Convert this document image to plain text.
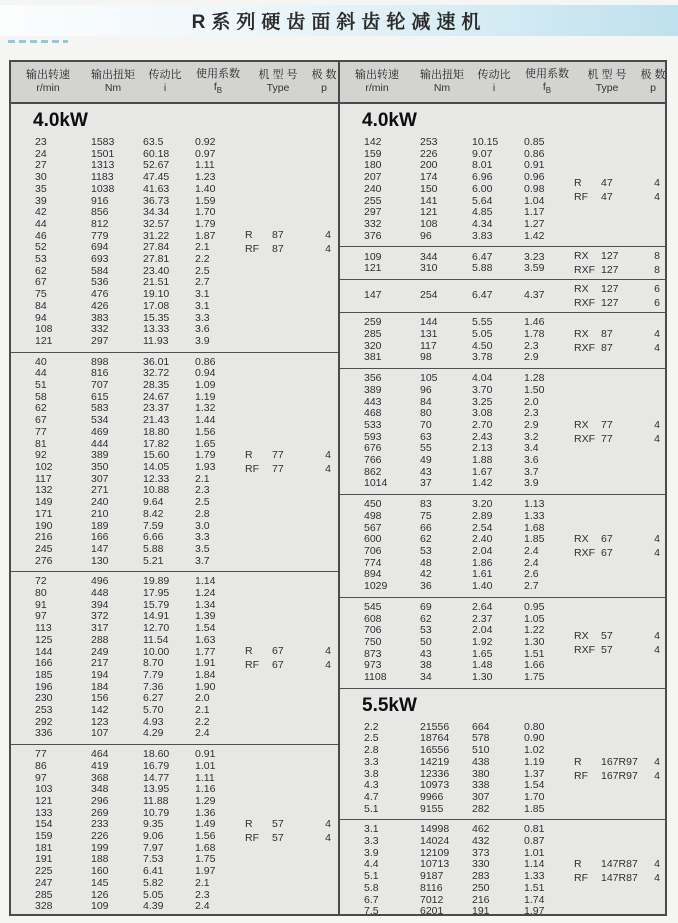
R系列硬齿面斜齿轮减速机
输出转速
r/min
输出扭矩
Nm
传动比
i
使用系数
$f_B$
机 型 号
Type
极 数
p
输出转速
r/min
输出扭矩
Nm
传动比
i
使用系数
$f_B$
机 型 号
Type
极 数
p
4.0kW
23	1583	63.5	0.92
24	1501	60.18	0.97
27	1313	52.67	1.11
30	1183	47.45	1.23
35	1038	41.63	1.40
39	916	36.73	1.59
42	856	34.34	1.70
44	812	32.57	1.79
46	779	31.22	1.87
52	694	27.84	2.1
53	693	27.81	2.2
62	584	23.40	2.5
67	536	21.51	2.7
75	476	19.10	3.1
84	426	17.08	3.1
94	383	15.35	3.3
108	332	13.33	3.6
121	297	11.93	3.9
R	87	4
RF	87	4
40	898	36.01	0.86
44	816	32.72	0.94
51	707	28.35	1.09
58	615	24.67	1.19
62	583	23.37	1.32
67	534	21.43	1.44
77	469	18.80	1.56
81	444	17.82	1.65
92	389	15.60	1.79
102	350	14.05	1.93
117	307	12.33	2.1
132	271	10.88	2.3
149	240	9.64	2.5
171	210	8.42	2.8
190	189	7.59	3.0
216	166	6.66	3.3
245	147	5.88	3.5
276	130	5.21	3.7
R	77	4
RF	77	4
72	496	19.89	1.14
80	448	17.95	1.24
91	394	15.79	1.34
97	372	14.91	1.39
113	317	12.70	1.54
125	288	11.54	1.63
144	249	10.00	1.77
166	217	8.70	1.91
185	194	7.79	1.84
196	184	7.36	1.90
230	156	6.27	2.0
253	142	5.70	2.1
292	123	4.93	2.2
336	107	4.29	2.4
R	67	4
RF	67	4
77	464	18.60	0.91
86	419	16.79	1.01
97	368	14.77	1.11
103	348	13.95	1.16
121	296	11.88	1.29
133	269	10.79	1.36
154	233	9.35	1.49
159	226	9.06	1.56
181	199	7.97	1.68
191	188	7.53	1.75
225	160	6.41	1.97
247	145	5.82	2.1
285	126	5.05	2.3
328	109	4.39	2.4
R	57	4
RF	57	4
4.0kW
142	253	10.15	0.85
159	226	9.07	0.86
180	200	8.01	0.91
207	174	6.96	0.96
240	150	6.00	0.98
255	141	5.64	1.04
297	121	4.85	1.17
332	108	4.34	1.27
376	96	3.83	1.42
R	47	4
RF	47	4
109	344	6.47	3.23
121	310	5.88	3.59
RX	127	8
RXF 127	8
147	254	6.47	4.37
RX	127	6
RXF 127	6
259	144	5.55	1.46
285	131	5.05	1.78
320	117	4.50	2.3
381	98	3.78	2.9
RX	87	4
RXF 87	4
356	105	4.04	1.28
389	96	3.70	1.50
443	84	3.25	2.0
468	80	3.08	2.3
533	70	2.70	2.9
593	63	2.43	3.2
676	55	2.13	3.4
766	49	1.88	3.6
862	43	1.67	3.7
1014	37	1.42	3.9
RX	77	4
RXF 77	4
450	83	3.20	1.13
498	75	2.89	1.33
567	66	2.54	1.68
600	62	2.40	1.85
706	53	2.04	2.4
774	48	1.86	2.4
894	42	1.61	2.6
1029	36	1.40	2.7
RX	67	4
RXF 67	4
545	69	2.64	0.95
608	62	2.37	1.05
706	53	2.04	1.22
750	50	1.92	1.30
873	43	1.65	1.51
973	38	1.48	1.66
1108	34	1.30	1.75
RX	57	4
RXF 57	4
5.5kW
2.2	21556	664	0.80
2.5	18764	578	0.90
2.8	16556	510	1.02
3.3	14219	438	1.19
3.8	12336	380	1.37
4.3	10973	338	1.54
4.7	9966	307	1.70
5.1	9155	282	1.85
R	167R97	4
RF	167R97	4
3.1	14998	462	0.81
3.3	14024	432	0.87
3.9	12109	373	1.01
4.4	10713	330	1.14
5.1	9187	283	1.33
5.8	8116	250	1.51
6.7	7012	216	1.74
7.5	6201	191	1.97
R	147R87	4
RF	147R87	4
